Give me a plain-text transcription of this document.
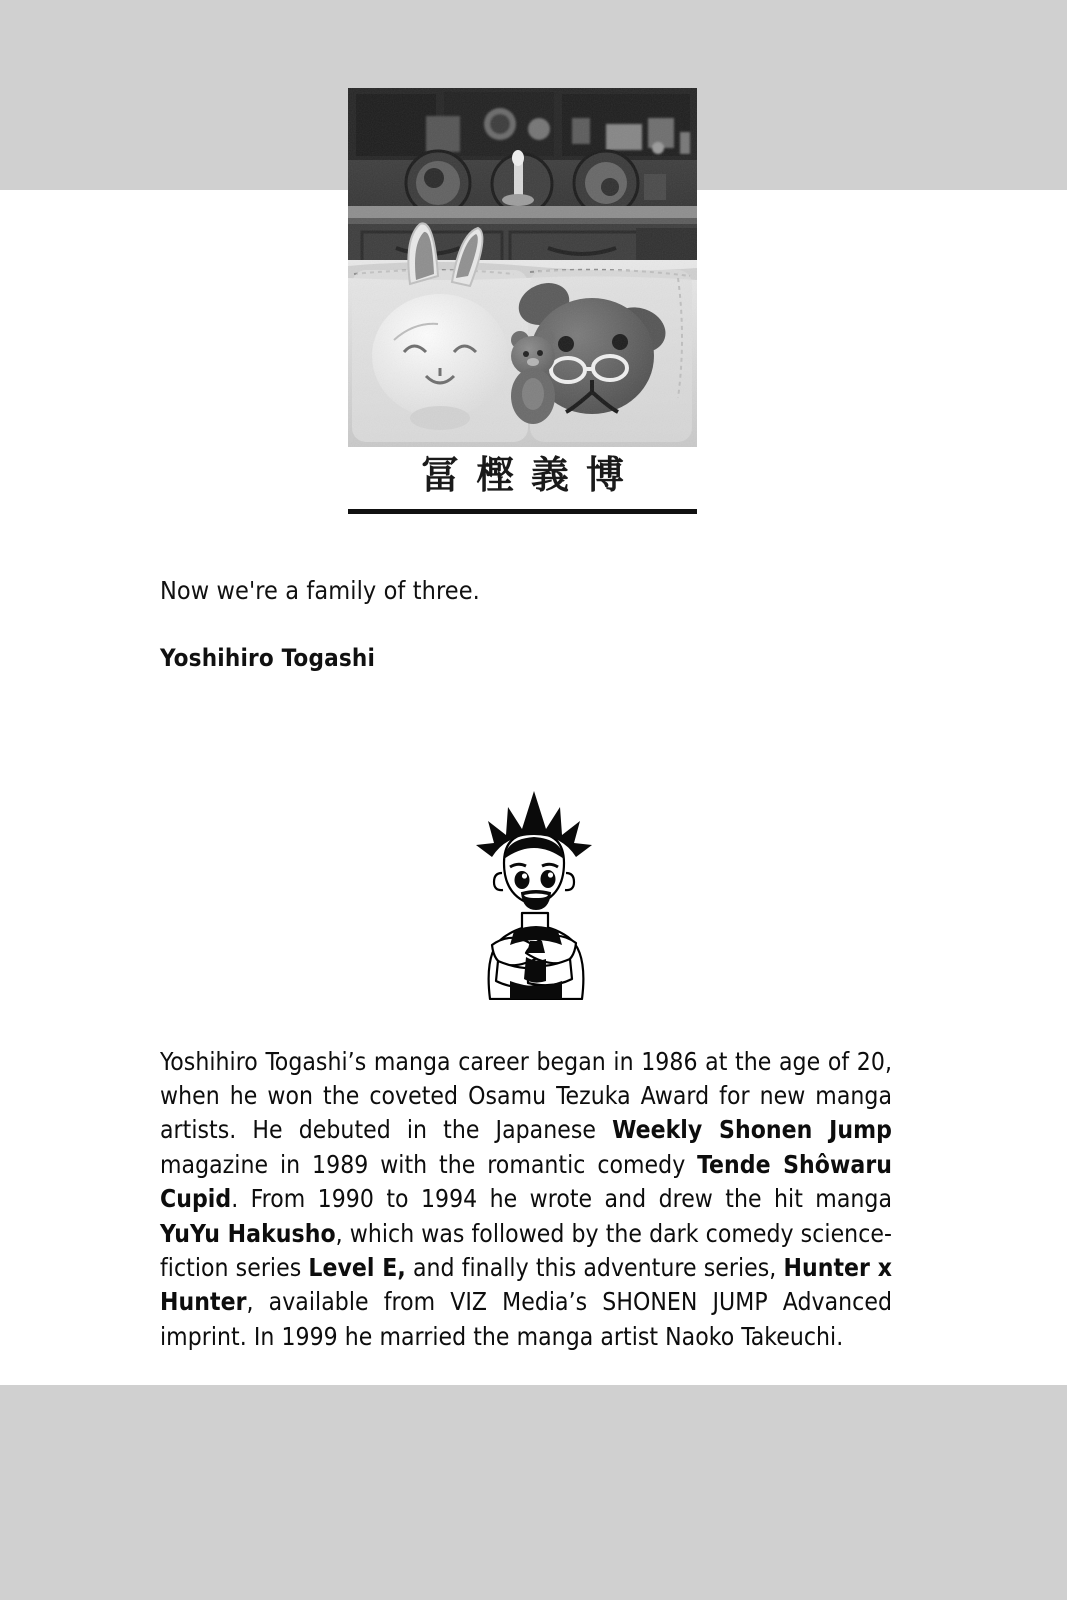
冨樫義博
Now we're a family of three.
Yoshihiro Togashi

Yoshihiro Togashi’s manga career began in 1986 at the age of 20, when he won the coveted Osamu Tezuka Award for new manga artists. He debuted in the Japanese Weekly Shonen Jump magazine in 1989 with the romantic comedy Tende Shôwaru Cupid. From 1990 to 1994 he wrote and drew the hit manga YuYu Hakusho, which was followed by the dark comedy science-fiction series Level E, and finally this adventure series, Hunter x Hunter, available from VIZ Media’s SHONEN JUMP Advanced imprint. In 1999 he married the manga artist Naoko Takeuchi.
